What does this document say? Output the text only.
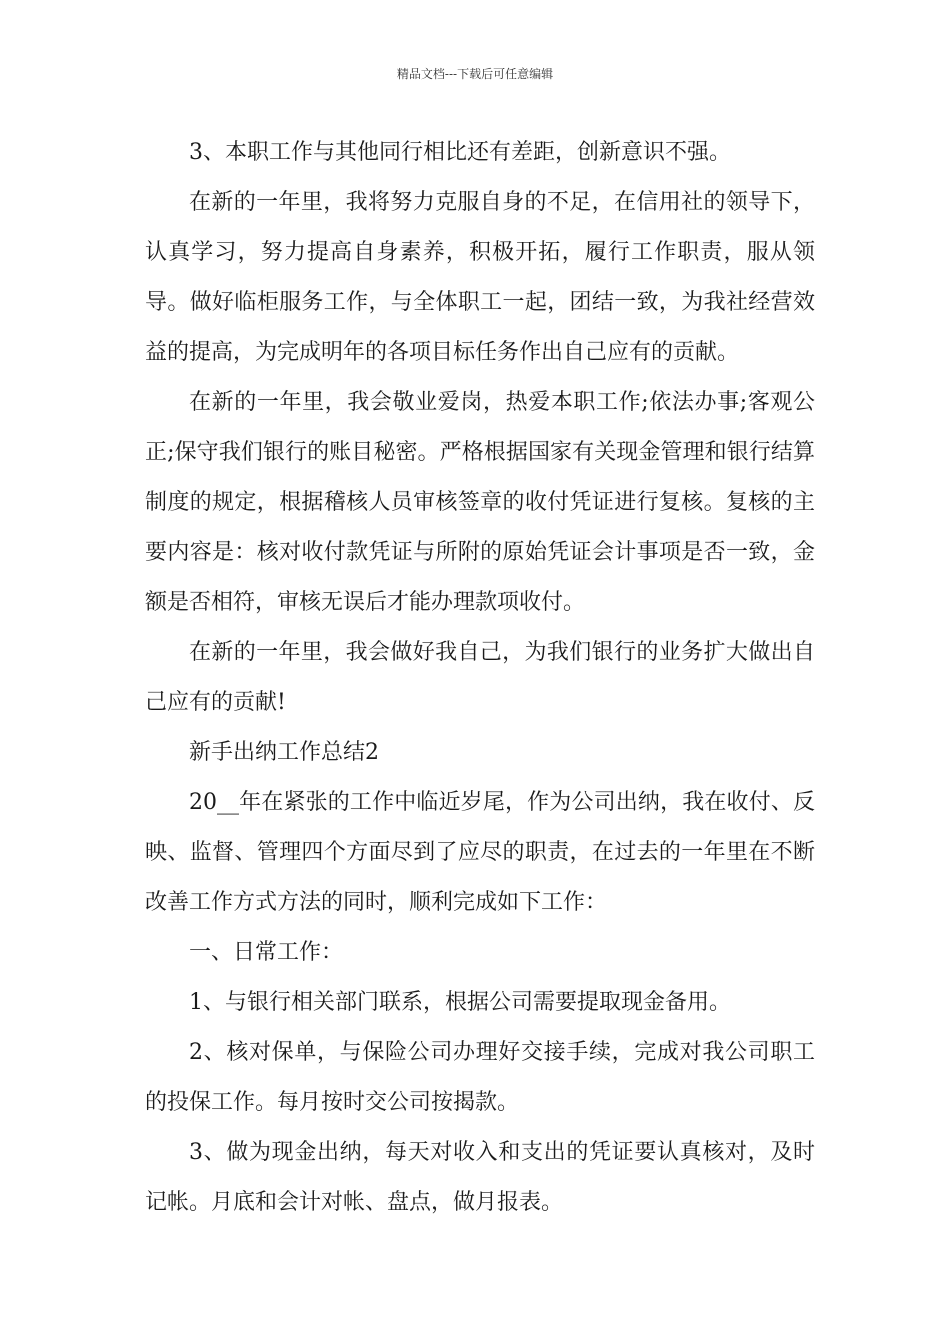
精品文档---下载后可任意编辑

3、本职工作与其他同行相比还有差距，创新意识不强。

在新的一年里，我将努力克服自身的不足，在信用社的领导下，认真学习，努力提高自身素养，积极开拓，履行工作职责，服从领导。做好临柜服务工作，与全体职工一起，团结一致，为我社经营效益的提高，为完成明年的各项目标任务作出自己应有的贡献。

在新的一年里，我会敬业爱岗，热爱本职工作;依法办事;客观公正;保守我们银行的账目秘密。严格根据国家有关现金管理和银行结算制度的规定，根据稽核人员审核签章的收付凭证进行复核。复核的主要内容是：核对收付款凭证与所附的原始凭证会计事项是否一致，金额是否相符，审核无误后才能办理款项收付。

在新的一年里，我会做好我自己，为我们银行的业务扩大做出自己应有的贡献!

新手出纳工作总结2

20__年在紧张的工作中临近岁尾，作为公司出纳，我在收付、反映、监督、管理四个方面尽到了应尽的职责，在过去的一年里在不断改善工作方式方法的同时，顺利完成如下工作：

一、日常工作：

1、与银行相关部门联系，根据公司需要提取现金备用。

2、核对保单，与保险公司办理好交接手续，完成对我公司职工的投保工作。每月按时交公司按揭款。

3、做为现金出纳，每天对收入和支出的凭证要认真核对，及时记帐。月底和会计对帐、盘点，做月报表。
